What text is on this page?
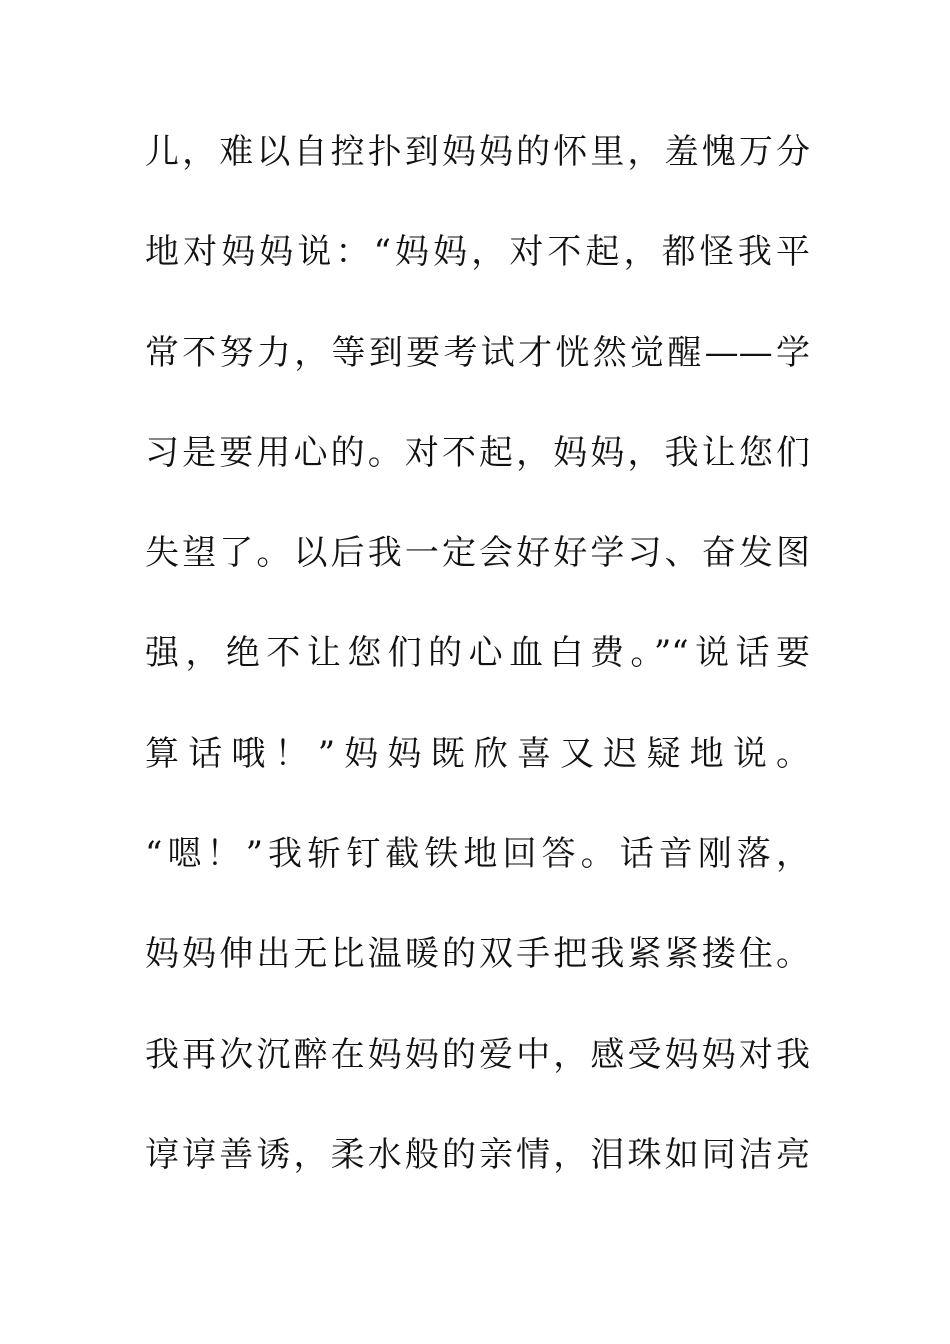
儿，难以自控扑到妈妈的怀里，羞愧万分
地对妈妈说：“妈妈，对不起，都怪我平
常不努力，等到要考试才恍然觉醒——学
习是要用心的。对不起，妈妈，我让您们
失望了。以后我一定会好好学习、奋发图
强，绝不让您们的心血白费。”“说话要
算话哦！”妈妈既欣喜又迟疑地说。
“嗯！”我斩钉截铁地回答。话音刚落，
妈妈伸出无比温暖的双手把我紧紧搂住。
我再次沉醉在妈妈的爱中，感受妈妈对我
谆谆善诱，柔水般的亲情，泪珠如同洁亮
